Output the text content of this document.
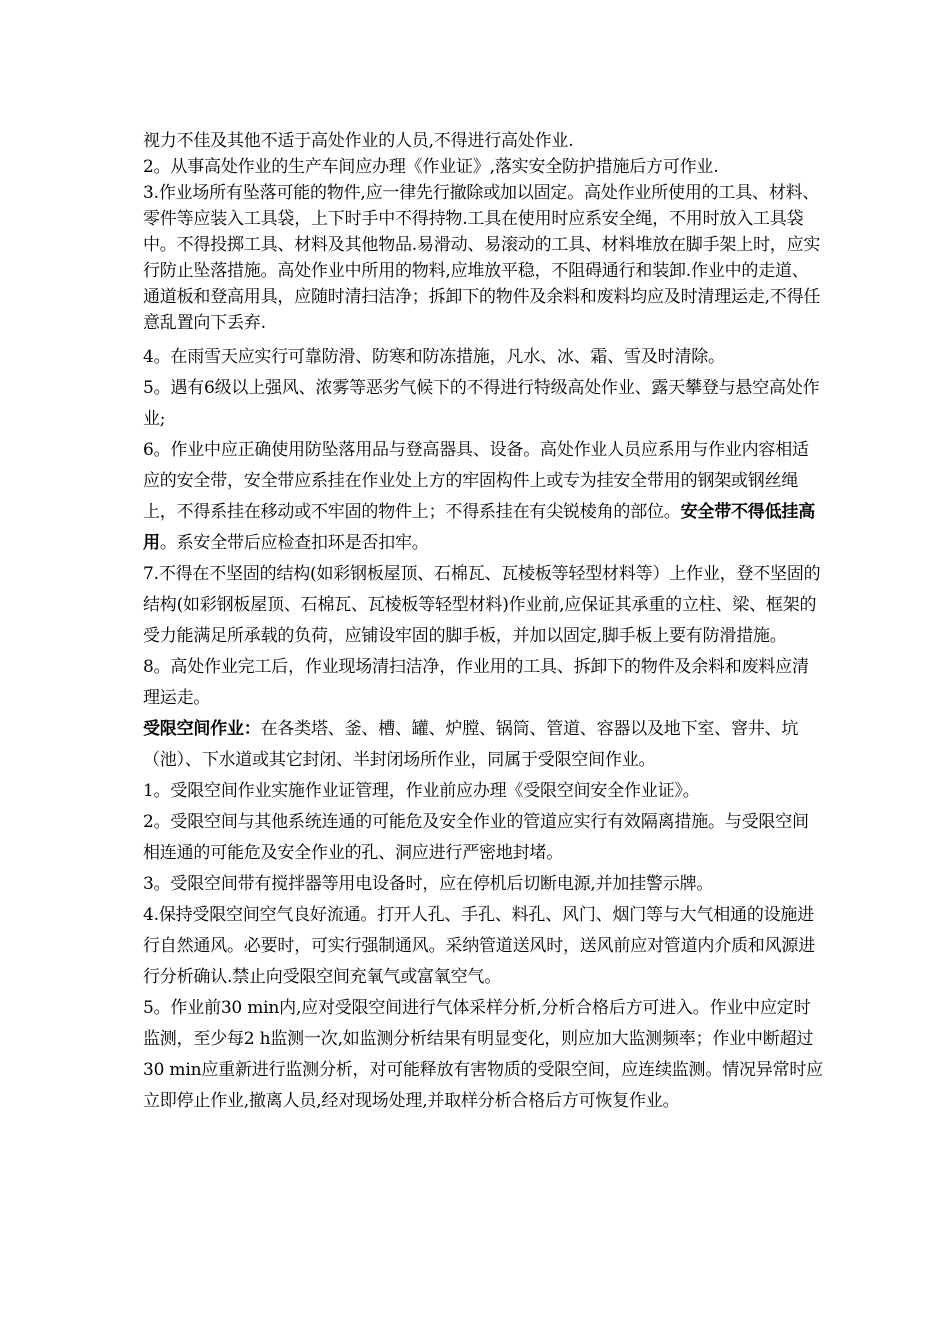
视力不佳及其他不适于高处作业的人员,不得进行高处作业.

2。从事高处作业的生产车间应办理《作业证》,落实安全防护措施后方可作业.

3.作业场所有坠落可能的物件,应一律先行撤除或加以固定。高处作业所使用的工具、材料、零件等应装入工具袋，上下时手中不得持物.工具在使用时应系安全绳，不用时放入工具袋中。不得投掷工具、材料及其他物品.易滑动、易滚动的工具、材料堆放在脚手架上时，应实行防止坠落措施。高处作业中所用的物料,应堆放平稳，不阻碍通行和装卸.作业中的走道、通道板和登高用具，应随时清扫洁净；拆卸下的物件及余料和废料均应及时清理运走,不得任意乱置向下丢弃.

4。在雨雪天应实行可靠防滑、防寒和防冻措施，凡水、冰、霜、雪及时清除。

5。遇有6级以上强风、浓雾等恶劣气候下的不得进行特级高处作业、露天攀登与悬空高处作业;

6。作业中应正确使用防坠落用品与登高器具、设备。高处作业人员应系用与作业内容相适应的安全带，安全带应系挂在作业处上方的牢固构件上或专为挂安全带用的钢架或钢丝绳上，不得系挂在移动或不牢固的物件上；不得系挂在有尖锐棱角的部位。安全带不得低挂高用。系安全带后应检查扣环是否扣牢。

7.不得在不坚固的结构(如彩钢板屋顶、石棉瓦、瓦棱板等轻型材料等）上作业，登不坚固的结构(如彩钢板屋顶、石棉瓦、瓦棱板等轻型材料)作业前,应保证其承重的立柱、梁、框架的受力能满足所承载的负荷，应铺设牢固的脚手板，并加以固定,脚手板上要有防滑措施。

8。高处作业完工后，作业现场清扫洁净，作业用的工具、拆卸下的物件及余料和废料应清理运走。

受限空间作业：在各类塔、釜、槽、罐、炉膛、锅筒、管道、容器以及地下室、窨井、坑（池）、下水道或其它封闭、半封闭场所作业，同属于受限空间作业。

1。受限空间作业实施作业证管理，作业前应办理《受限空间安全作业证》。

2。受限空间与其他系统连通的可能危及安全作业的管道应实行有效隔离措施。与受限空间相连通的可能危及安全作业的孔、洞应进行严密地封堵。

3。受限空间带有搅拌器等用电设备时，应在停机后切断电源,并加挂警示牌。

4.保持受限空间空气良好流通。打开人孔、手孔、料孔、风门、烟门等与大气相通的设施进行自然通风。必要时，可实行强制通风。采纳管道送风时，送风前应对管道内介质和风源进行分析确认.禁止向受限空间充氧气或富氧空气。

5。作业前30 min内,应对受限空间进行气体采样分析,分析合格后方可进入。作业中应定时监测，至少每2 h监测一次,如监测分析结果有明显变化，则应加大监测频率；作业中断超过30 min应重新进行监测分析，对可能释放有害物质的受限空间，应连续监测。情况异常时应立即停止作业,撤离人员,经对现场处理,并取样分析合格后方可恢复作业。
